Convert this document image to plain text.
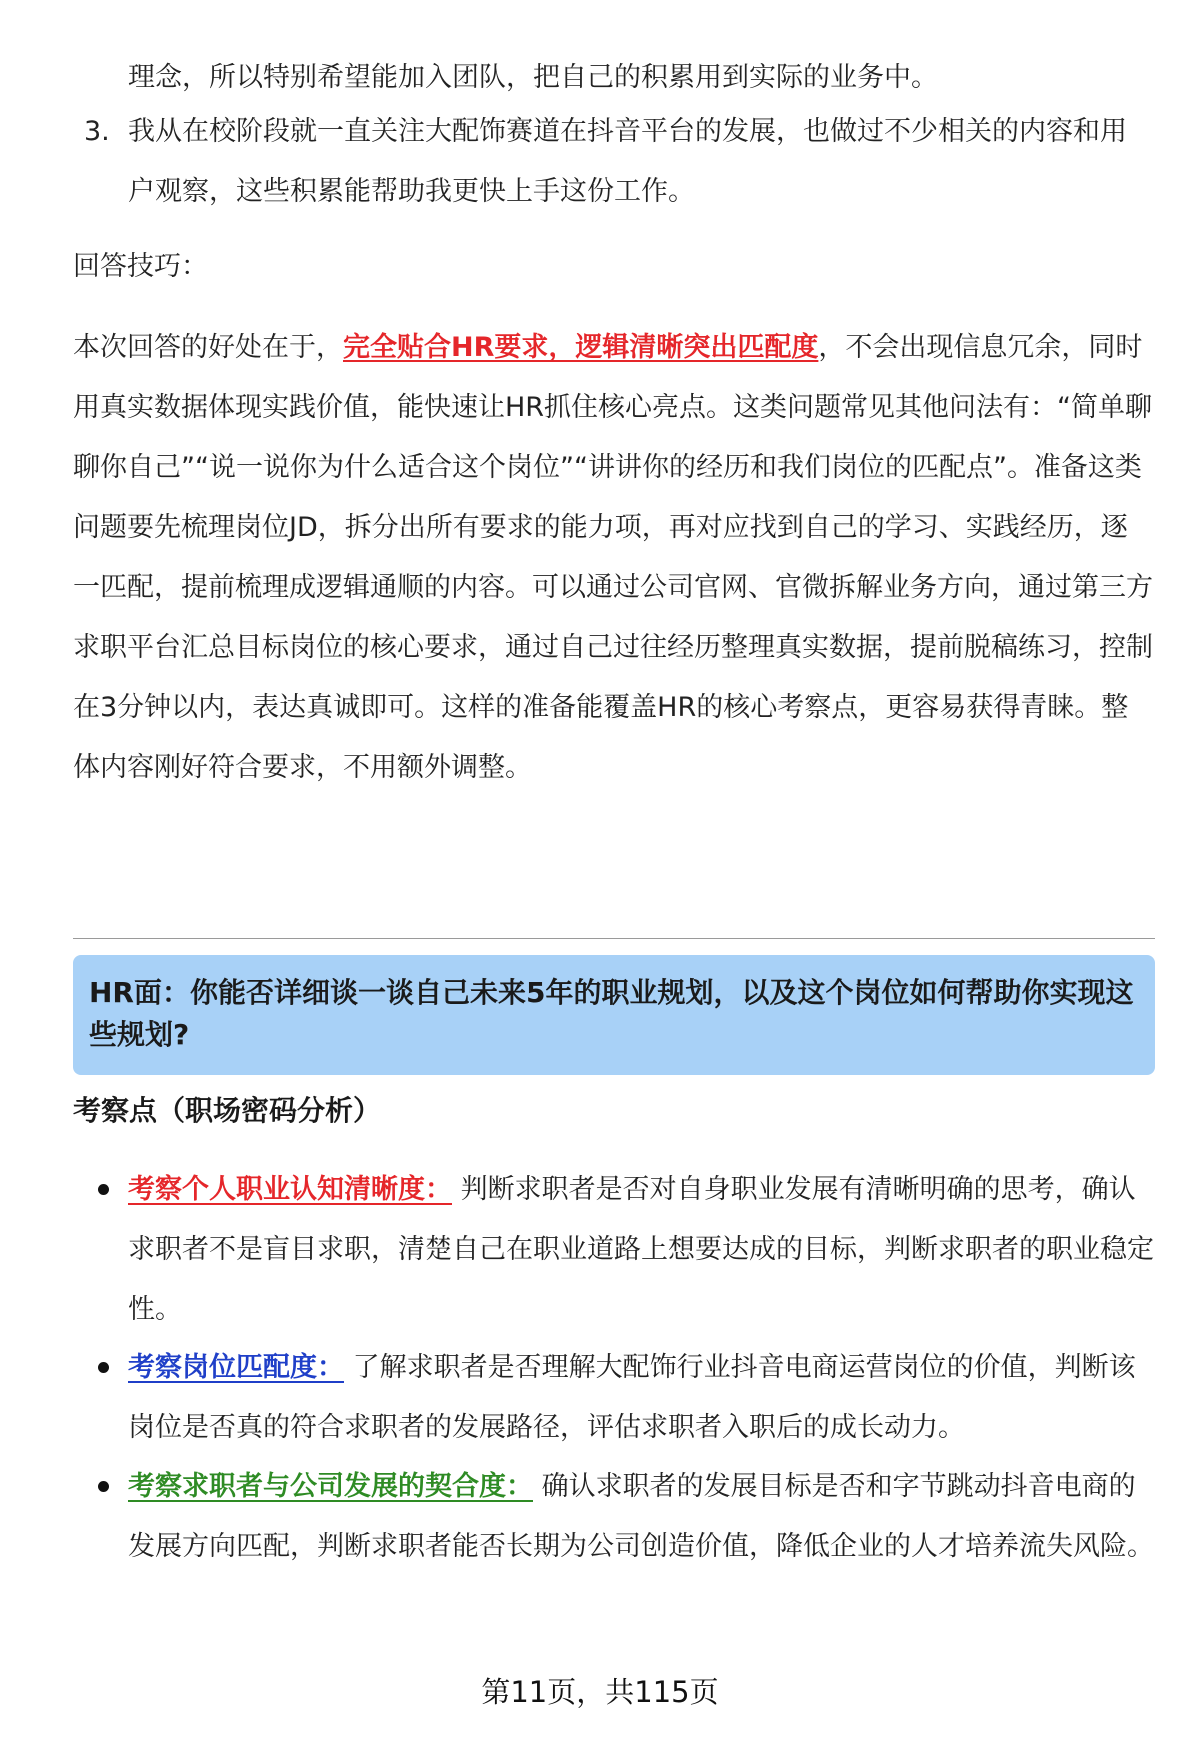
理念，所以特别希望能加入团队，把自己的积累用到实际的业务中。

3. 我从在校阶段就一直关注大配饰赛道在抖音平台的发展，也做过不少相关的内容和用户观察，这些积累能帮助我更快上手这份工作。

回答技巧：

本次回答的好处在于，完全贴合HR要求，逻辑清晰突出匹配度，不会出现信息冗余，同时用真实数据体现实践价值，能快速让HR抓住核心亮点。这类问题常见其他问法有：“简单聊聊你自己”“说一说你为什么适合这个岗位”“讲讲你的经历和我们岗位的匹配点”。准备这类问题要先梳理岗位JD，拆分出所有要求的能力项，再对应找到自己的学习、实践经历，逐一匹配，提前梳理成逻辑通顺的内容。可以通过公司官网、官微拆解业务方向，通过第三方求职平台汇总目标岗位的核心要求，通过自己过往经历整理真实数据，提前脱稿练习，控制在3分钟以内，表达真诚即可。这样的准备能覆盖HR的核心考察点，更容易获得青睐。整体内容刚好符合要求，不用额外调整。

HR面：你能否详细谈一谈自己未来5年的职业规划，以及这个岗位如何帮助你实现这些规划?

考察点（职场密码分析）

考察个人职业认知清晰度： 判断求职者是否对自身职业发展有清晰明确的思考，确认求职者不是盲目求职，清楚自己在职业道路上想要达成的目标，判断求职者的职业稳定性。

考察岗位匹配度： 了解求职者是否理解大配饰行业抖音电商运营岗位的价值，判断该岗位是否真的符合求职者的发展路径，评估求职者入职后的成长动力。

考察求职者与公司发展的契合度： 确认求职者的发展目标是否和字节跳动抖音电商的发展方向匹配，判断求职者能否长期为公司创造价值，降低企业的人才培养流失风险。

第11页，共115页
